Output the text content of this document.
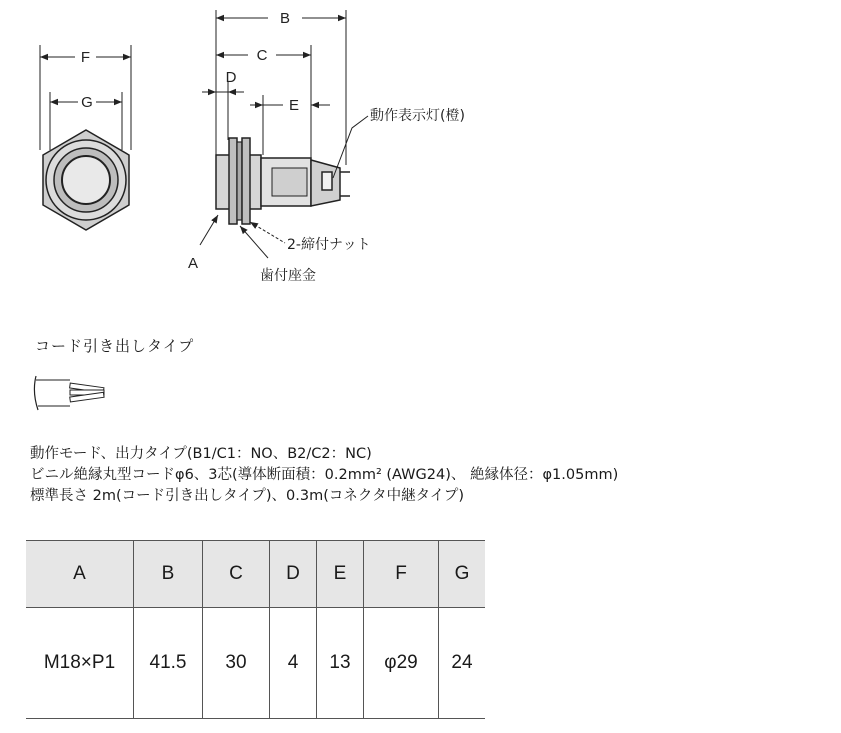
F
G
B
C
D
E
動作表示灯(橙)
A
2-締付ナット
歯付座金
コード引き出しタイプ
動作モード、出力タイプ(B1/C1：NO、B2/C2：NC)
ビニル絶縁丸型コードφ6、3芯(導体断面積：0.2mm² (AWG24)、 絶縁体径：φ1.05mm)
標準長さ 2m(コード引き出しタイプ)、0.3m(コネクタ中継タイプ)
A	B	C	D	E	F	G
M18×P1	41.5	30	4	13	φ29	24
